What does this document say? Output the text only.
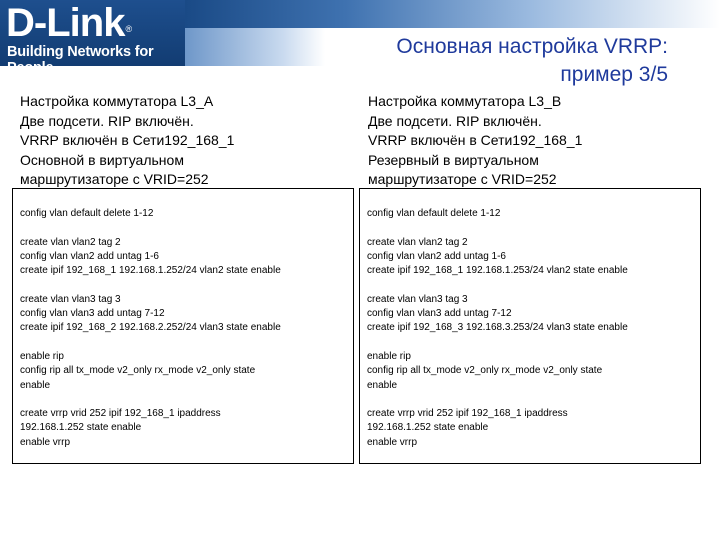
D-Link®
Building Networks for People
Основная настройка VRRP:
пример 3/5
Настройка коммутатора L3_A
Две подсети. RIP включён.
VRRP включён в Сети192_168_1
Основной в виртуальном
маршрутизаторе с VRID=252
Настройка коммутатора L3_B
Две подсети. RIP включён.
VRRP включён в Сети192_168_1
Резервный в виртуальном
маршрутизаторе с VRID=252
config vlan default delete 1-12
create vlan vlan2 tag 2
config vlan vlan2 add untag 1-6
create ipif 192_168_1 192.168.1.252/24 vlan2 state enable
create vlan vlan3 tag 3
config vlan vlan3 add untag 7-12
create ipif 192_168_2 192.168.2.252/24 vlan3 state enable
enable rip
config rip all tx_mode v2_only rx_mode v2_only state
enable
create vrrp vrid 252 ipif 192_168_1 ipaddress
192.168.1.252 state enable
enable vrrp
config vlan default delete 1-12
create vlan vlan2 tag 2
config vlan vlan2 add untag 1-6
create ipif 192_168_1 192.168.1.253/24 vlan2 state enable
create vlan vlan3 tag 3
config vlan vlan3 add untag 7-12
create ipif 192_168_3 192.168.3.253/24 vlan3 state enable
enable rip
config rip all tx_mode v2_only rx_mode v2_only state
enable
create vrrp vrid 252 ipif 192_168_1 ipaddress
192.168.1.252 state enable
enable vrrp
